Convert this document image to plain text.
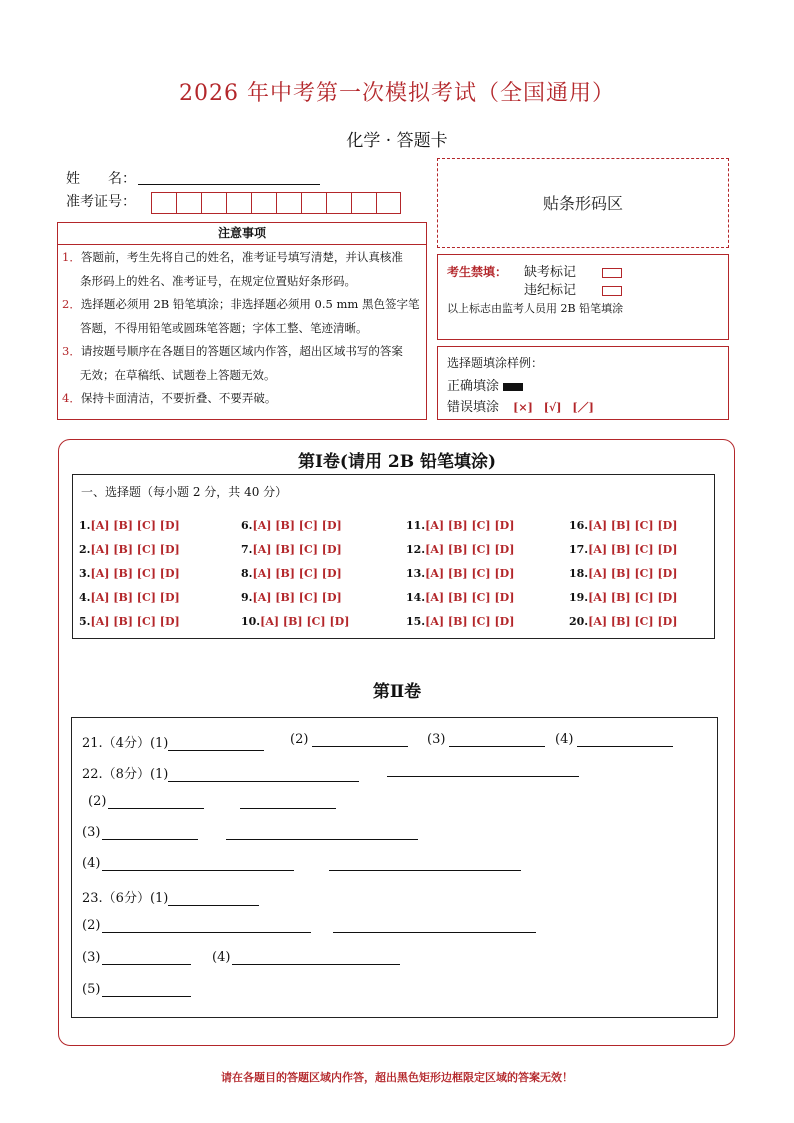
2026 年中考第一次模拟考试（全国通用）
化学 · 答题卡
姓　　名：
准考证号：	贴条形码区
注意事项
1．答题前，考生先将自己的姓名，准考证号填写清楚，并认真核准
条形码上的姓名、准考证号，在规定位置贴好条形码。
2．选择题必须用 2B 铅笔填涂；非选择题必须用 0.5 mm 黑色签字笔
答题，不得用铅笔或圆珠笔答题；字体工整、笔迹清晰。
3．请按题号顺序在各题目的答题区域内作答，超出区域书写的答案
无效；在草稿纸、试题卷上答题无效。
4．保持卡面清洁，不要折叠、不要弄破。
考生禁填： 缺考标记
违纪标记
以上标志由监考人员用 2B 铅笔填涂
选择题填涂样例：
正确填涂
错误填涂 [×]　[√]　[／]
第Ⅰ卷(请用 2B 铅笔填涂)
一、选择题（每小题 2 分，共 40 分）
1.[A] [B] [C] [D]
2.[A] [B] [C] [D]
3.[A] [B] [C] [D]
4.[A] [B] [C] [D]
5.[A] [B] [C] [D]
6.[A] [B] [C] [D]
7.[A] [B] [C] [D]
8.[A] [B] [C] [D]
9.[A] [B] [C] [D]
10.[A] [B] [C] [D]
11.[A] [B] [C] [D]
12.[A] [B] [C] [D]
13.[A] [B] [C] [D]
14.[A] [B] [C] [D]
15.[A] [B] [C] [D]
16.[A] [B] [C] [D]
17.[A] [B] [C] [D]
18.[A] [B] [C] [D]
19.[A] [B] [C] [D]
20.[A] [B] [C] [D]
第Ⅱ卷
21.（4分）(1)	(2)	(3)	(4)
22.（8分）(1)
(2)
(3)
(4)
23.（6分）(1)
(2)
(3)	(4)
(5)
请在各题目的答题区域内作答，超出黑色矩形边框限定区域的答案无效！
